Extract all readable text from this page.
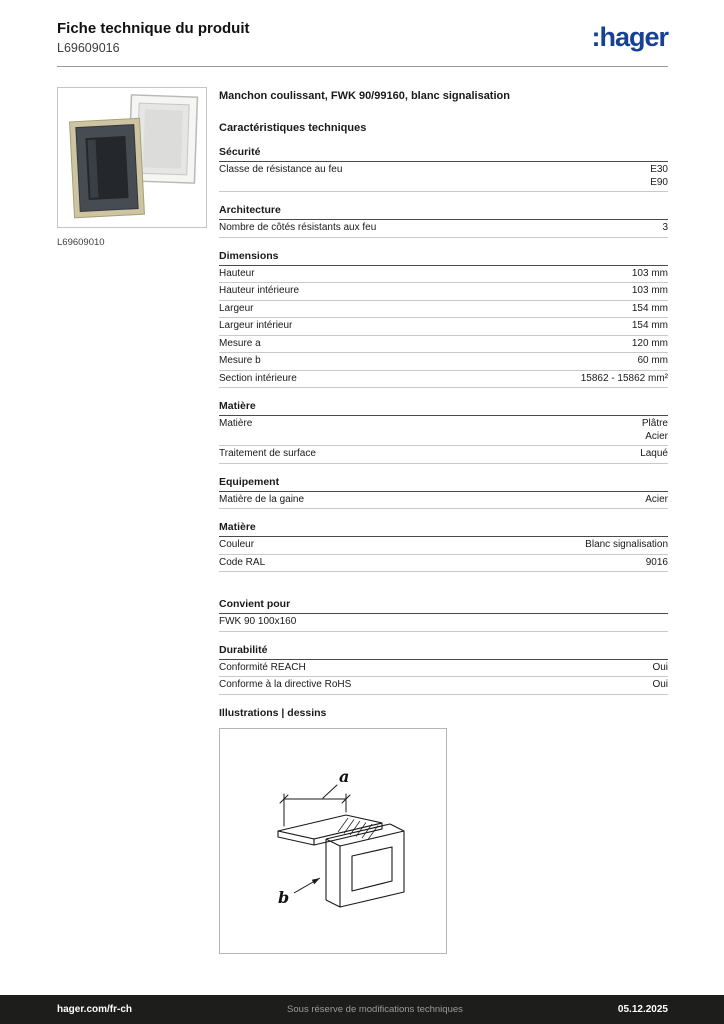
Fiche technique du produit
L69609016	:hager
L69609010
Manchon coulissant, FWK 90/99160, blanc signalisation
Caractéristiques techniques
Sécurité
Classe de résistance au feu	E30
E90
Architecture
Nombre de côtés résistants aux feu	3
Dimensions
Hauteur	103 mm
Hauteur intérieure	103 mm
Largeur	154 mm
Largeur intérieur	154 mm
Mesure a	120 mm
Mesure b	60 mm
Section intérieure	15862 - 15862 mm²
Matière
Matière	Plâtre
Acier
Traitement de surface	Laqué
Equipement
Matière de la gaine	Acier
Matière
Couleur	Blanc signalisation
Code RAL	9016
Convient pour
FWK 90 100x160
Durabilité
Conformité REACH	Oui
Conforme à la directive RoHS	Oui
Illustrations | dessins
a
b
hager.com/fr-ch	Sous réserve de modifications techniques	05.12.2025
